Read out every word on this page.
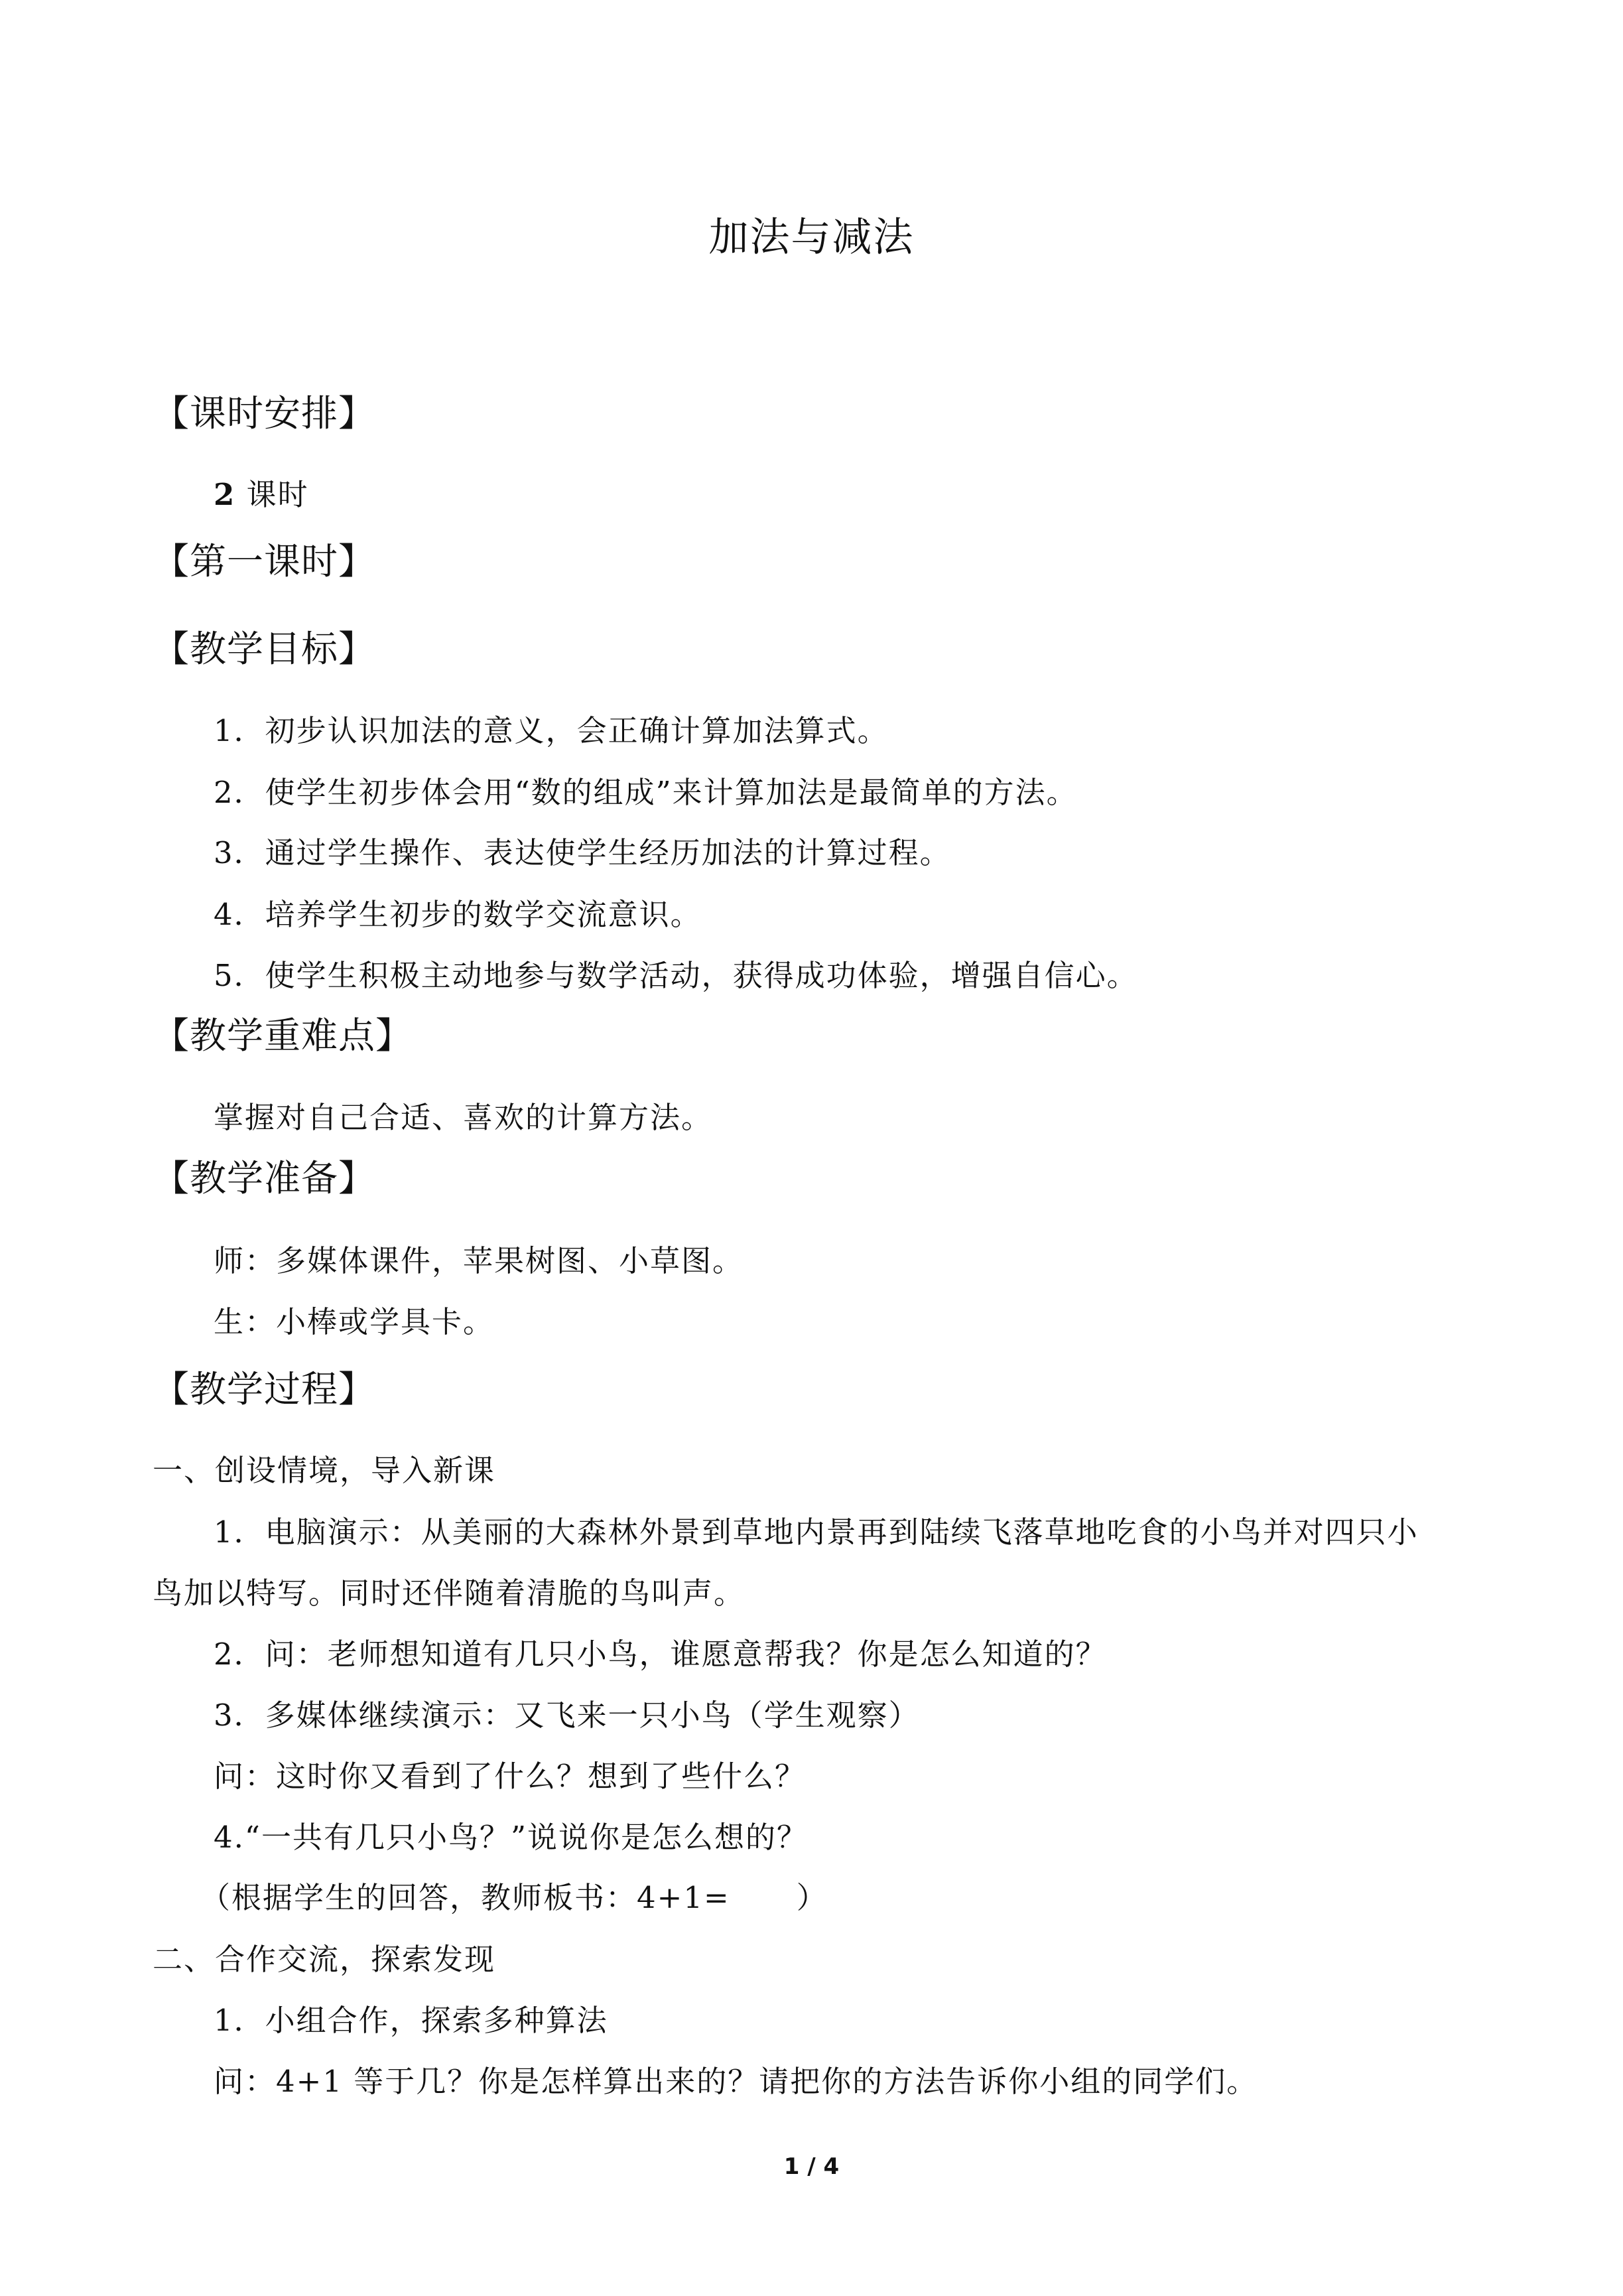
加法与减法
【课时安排】
2 课时
【第一课时】
【教学目标】
1．初步认识加法的意义，会正确计算加法算式。
2．使学生初步体会用“数的组成”来计算加法是最简单的方法。
3．通过学生操作、表达使学生经历加法的计算过程。
4．培养学生初步的数学交流意识。
5．使学生积极主动地参与数学活动，获得成功体验，增强自信心。
【教学重难点】
掌握对自己合适、喜欢的计算方法。
【教学准备】
师：多媒体课件，苹果树图、小草图。
生：小棒或学具卡。
【教学过程】
一、创设情境，导入新课
1．电脑演示：从美丽的大森林外景到草地内景再到陆续飞落草地吃食的小鸟并对四只小
鸟加以特写。同时还伴随着清脆的鸟叫声。
2．问：老师想知道有几只小鸟，谁愿意帮我？你是怎么知道的？
3．多媒体继续演示：又飞来一只小鸟（学生观察）
问：这时你又看到了什么？想到了些什么？
4.“一共有几只小鸟？”说说你是怎么想的？
（根据学生的回答，教师板书：4+1= ）
二、合作交流，探索发现
1．小组合作，探索多种算法
问：4+1 等于几？你是怎样算出来的？请把你的方法告诉你小组的同学们。
1 / 4
